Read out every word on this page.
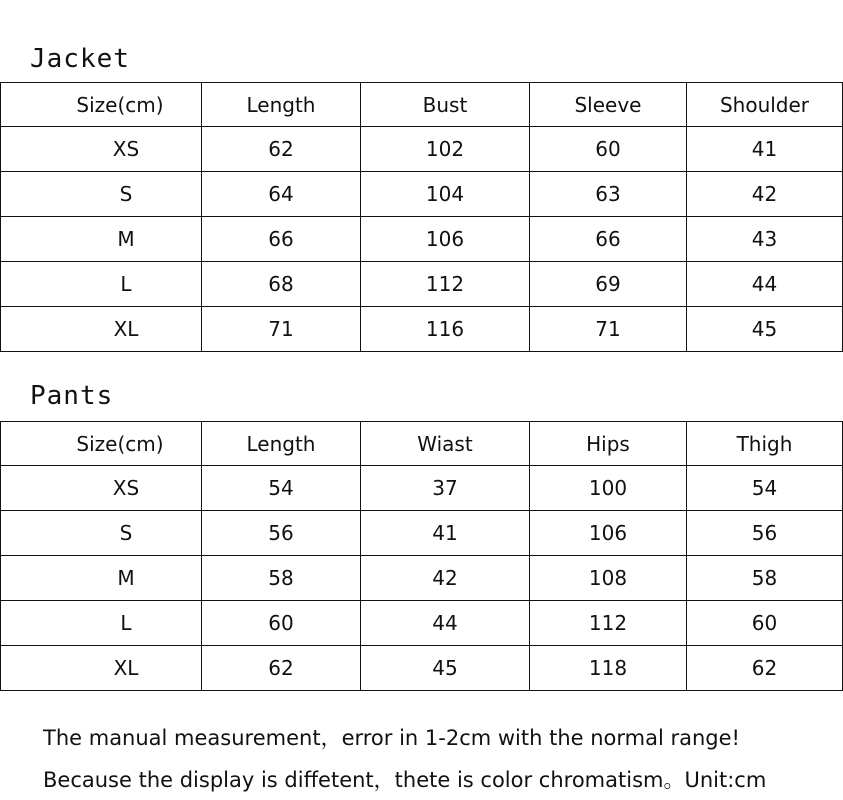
Jacket
Size(cm)	Length	Bust	Sleeve	Shoulder
XS	62	102	60	41
S	64	104	63	42
M	66	106	66	43
L	68	112	69	44
XL	71	116	71	45
Pants
Size(cm)	Length	Wiast	Hips	Thigh
XS	54	37	100	54
S	56	41	106	56
M	58	42	108	58
L	60	44	112	60
XL	62	45	118	62
The manual measurement，error in 1-2cm with the normal range!
Because the display is diffetent，thete is color chromatism。Unit:cm
